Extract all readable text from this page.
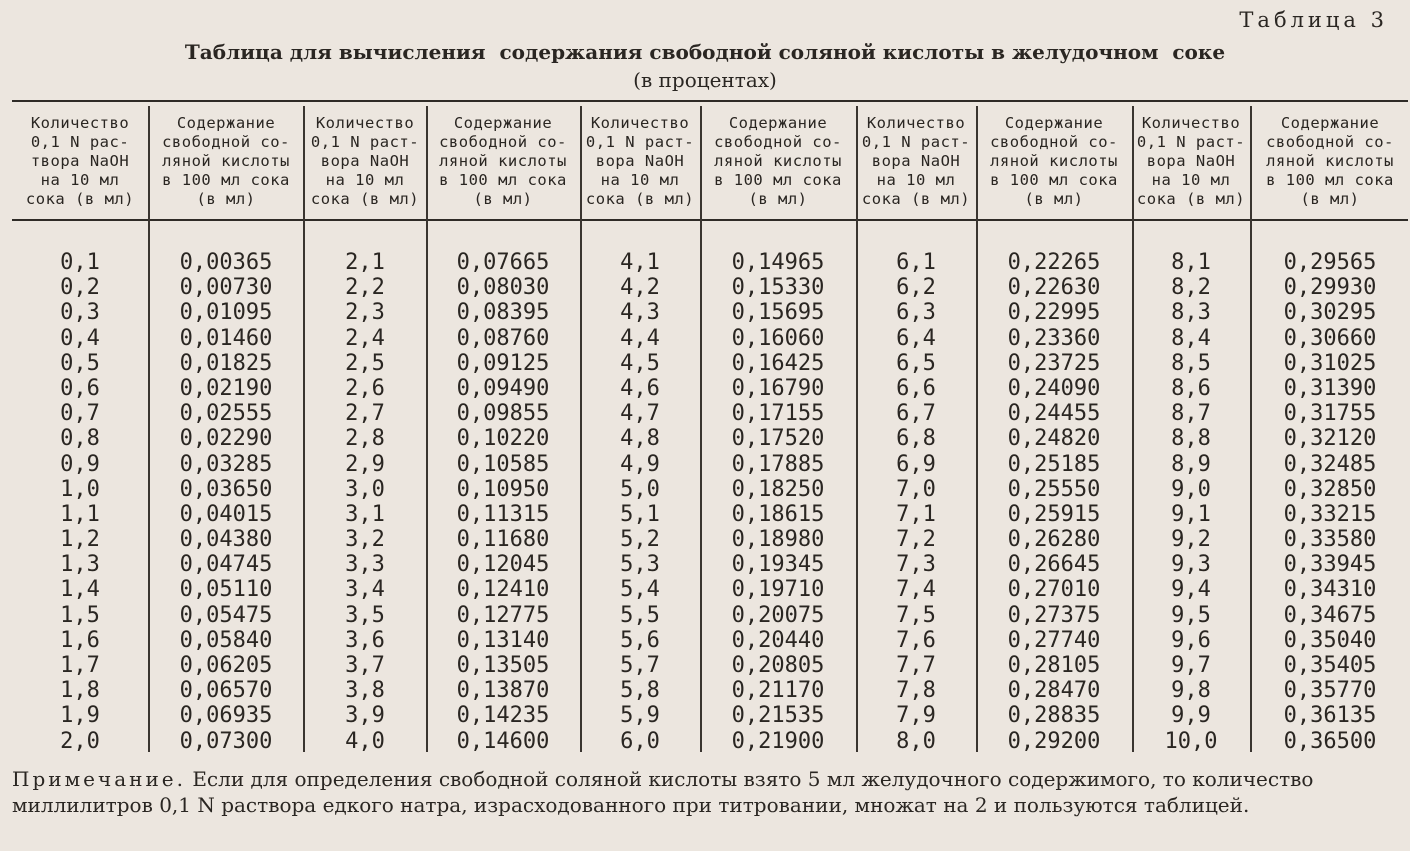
Таблица 3
Таблица для вычисления  содержания свободной соляной кислоты в желудочном  соке
(в процентах)
Количество
0,1 N рас-
твора NaOH
на 10 мл
сока (в мл)
0,1
0,2
0,3
0,4
0,5
0,6
0,7
0,8
0,9
1,0
1,1
1,2
1,3
1,4
1,5
1,6
1,7
1,8
1,9
2,0
Содержание
свободной со-
ляной кислоты
в 100 мл сока
(в мл)
0,00365
0,00730
0,01095
0,01460
0,01825
0,02190
0,02555
0,02290
0,03285
0,03650
0,04015
0,04380
0,04745
0,05110
0,05475
0,05840
0,06205
0,06570
0,06935
0,07300
Количество
0,1 N раст-
вора NaOH
на 10 мл
сока (в мл)
2,1
2,2
2,3
2,4
2,5
2,6
2,7
2,8
2,9
3,0
3,1
3,2
3,3
3,4
3,5
3,6
3,7
3,8
3,9
4,0
Содержание
свободной со-
ляной кислоты
в 100 мл сока
(в мл)
0,07665
0,08030
0,08395
0,08760
0,09125
0,09490
0,09855
0,10220
0,10585
0,10950
0,11315
0,11680
0,12045
0,12410
0,12775
0,13140
0,13505
0,13870
0,14235
0,14600
Количество
0,1 N раст-
вора NaOH
на 10 мл
сока (в мл)
4,1
4,2
4,3
4,4
4,5
4,6
4,7
4,8
4,9
5,0
5,1
5,2
5,3
5,4
5,5
5,6
5,7
5,8
5,9
6,0
Содержание
свободной со-
ляной кислоты
в 100 мл сока
(в мл)
0,14965
0,15330
0,15695
0,16060
0,16425
0,16790
0,17155
0,17520
0,17885
0,18250
0,18615
0,18980
0,19345
0,19710
0,20075
0,20440
0,20805
0,21170
0,21535
0,21900
Количество
0,1 N раст-
вора NaOH
на 10 мл
сока (в мл)
6,1
6,2
6,3
6,4
6,5
6,6
6,7
6,8
6,9
7,0
7,1
7,2
7,3
7,4
7,5
7,6
7,7
7,8
7,9
8,0
Содержание
свободной со-
ляной кислоты
в 100 мл сока
(в мл)
0,22265
0,22630
0,22995
0,23360
0,23725
0,24090
0,24455
0,24820
0,25185
0,25550
0,25915
0,26280
0,26645
0,27010
0,27375
0,27740
0,28105
0,28470
0,28835
0,29200
Количество
0,1 N раст-
вора NaOH
на 10 мл
сока (в мл)
8,1
8,2
8,3
8,4
8,5
8,6
8,7
8,8
8,9
9,0
9,1
9,2
9,3
9,4
9,5
9,6
9,7
9,8
9,9
10,0
Содержание
свободной со-
ляной кислоты
в 100 мл сока
(в мл)
0,29565
0,29930
0,30295
0,30660
0,31025
0,31390
0,31755
0,32120
0,32485
0,32850
0,33215
0,33580
0,33945
0,34310
0,34675
0,35040
0,35405
0,35770
0,36135
0,36500
Примечание. Если для определения свободной соляной кислоты взято 5 мл желудочного содержимого, то количество миллилитров 0,1 N раствора едкого натра, израсходованного при титровании, множат на 2 и пользуются таблицей.
